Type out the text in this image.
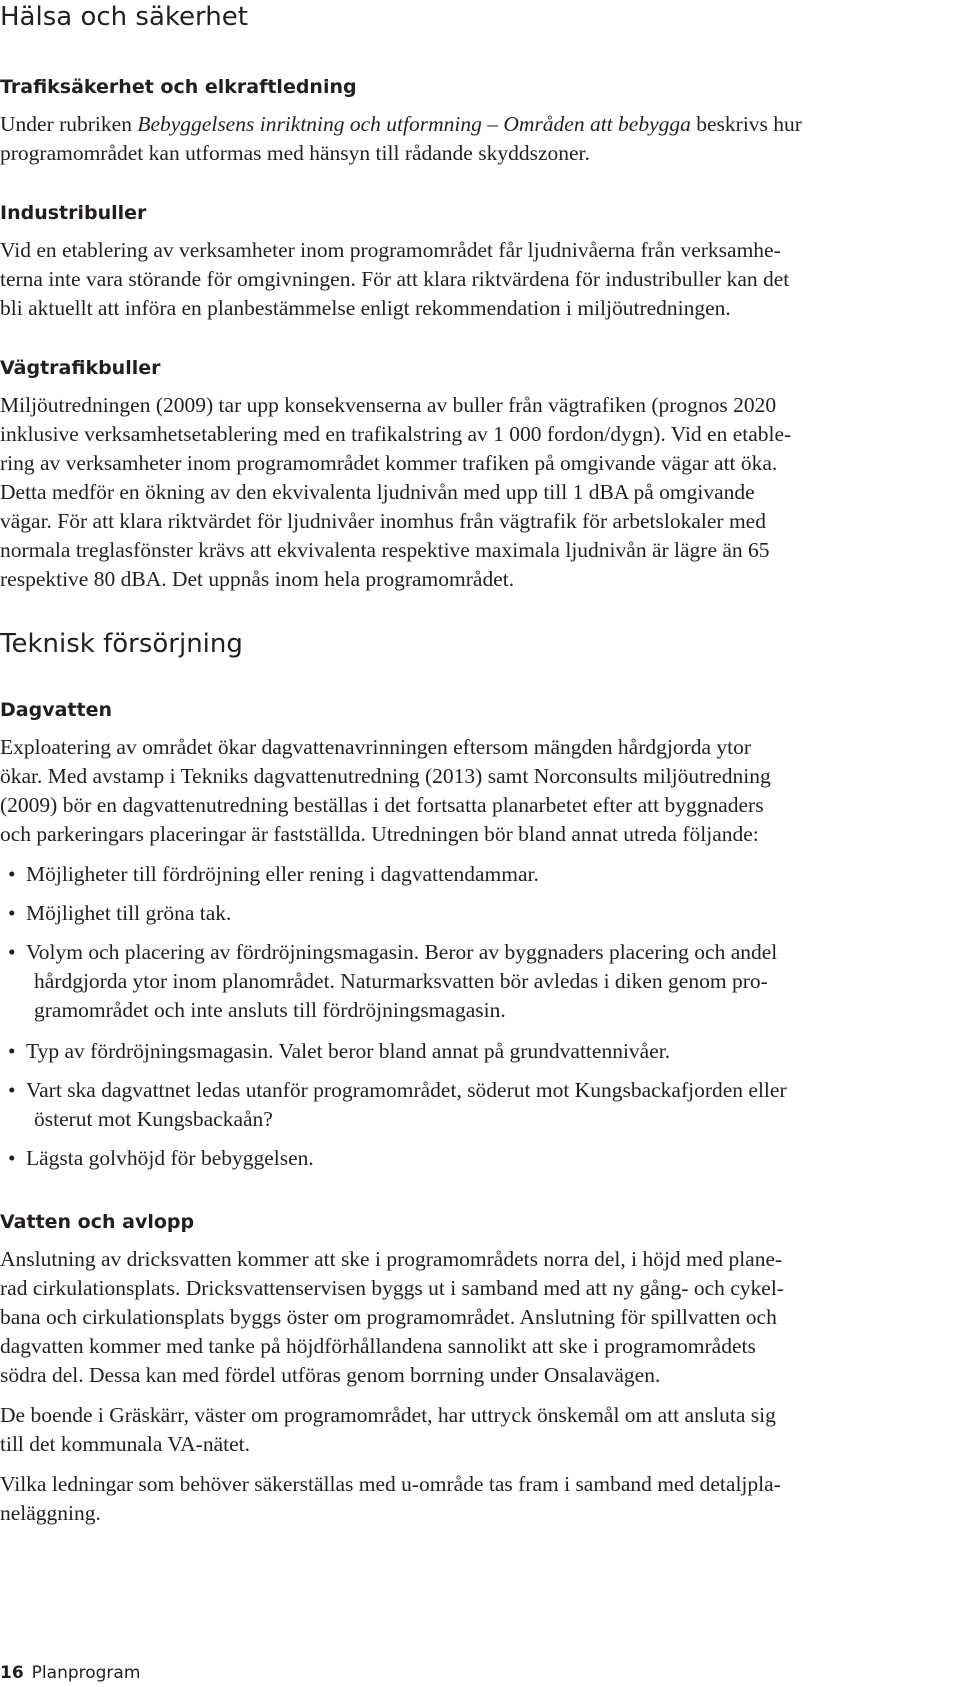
Hälsa och säkerhet
Trafiksäkerhet och elkraftledning
Under rubriken Bebyggelsens inriktning och utformning – Områden att bebygga beskrivs hur
programområdet kan utformas med hänsyn till rådande skyddszoner.
Industribuller
Vid en etablering av verksamheter inom programområdet får ljudnivåerna från verksamhe-
terna inte vara störande för omgivningen. För att klara riktvärdena för industribuller kan det
bli aktuellt att införa en planbestämmelse enligt rekommendation i miljöutredningen.
Vägtrafikbuller
Miljöutredningen (2009) tar upp konsekvenserna av buller från vägtrafiken (prognos 2020
inklusive verksamhetsetablering med en trafikalstring av 1 000 fordon/dygn). Vid en etable-
ring av verksamheter inom programområdet kommer trafiken på omgivande vägar att öka.
Detta medför en ökning av den ekvivalenta ljudnivån med upp till 1 dBA på omgivande
vägar. För att klara riktvärdet för ljudnivåer inomhus från vägtrafik för arbetslokaler med
normala treglasfönster krävs att ekvivalenta respektive maximala ljudnivån är lägre än 65
respektive 80 dBA. Det uppnås inom hela programområdet.
Teknisk försörjning
Dagvatten
Exploatering av området ökar dagvattenavrinningen eftersom mängden hårdgjorda ytor
ökar. Med avstamp i Tekniks dagvattenutredning (2013) samt Norconsults miljöutredning
(2009) bör en dagvattenutredning beställas i det fortsatta planarbetet efter att byggnaders
och parkeringars placeringar är fastställda. Utredningen bör bland annat utreda följande:
• Möjligheter till fördröjning eller rening i dagvattendammar.
• Möjlighet till gröna tak.
• Volym och placering av fördröjningsmagasin. Beror av byggnaders placering och andel
hårdgjorda ytor inom planområdet. Naturmarksvatten bör avledas i diken genom pro-
gramområdet och inte ansluts till fördröjningsmagasin.
• Typ av fördröjningsmagasin. Valet beror bland annat på grundvattennivåer.
• Vart ska dagvattnet ledas utanför programområdet, söderut mot Kungsbackafjorden eller
österut mot Kungsbackaån?
• Lägsta golvhöjd för bebyggelsen.
Vatten och avlopp
Anslutning av dricksvatten kommer att ske i programområdets norra del, i höjd med plane-
rad cirkulationsplats. Dricksvattenservisen byggs ut i samband med att ny gång- och cykel-
bana och cirkulationsplats byggs öster om programområdet. Anslutning för spillvatten och
dagvatten kommer med tanke på höjdförhållandena sannolikt att ske i programområdets
södra del. Dessa kan med fördel utföras genom borrning under Onsalavägen.
De boende i Gräskärr, väster om programområdet, har uttryck önskemål om att ansluta sig
till det kommunala VA-nätet.
Vilka ledningar som behöver säkerställas med u-område tas fram i samband med detaljpla-
neläggning.
16 Planprogram
